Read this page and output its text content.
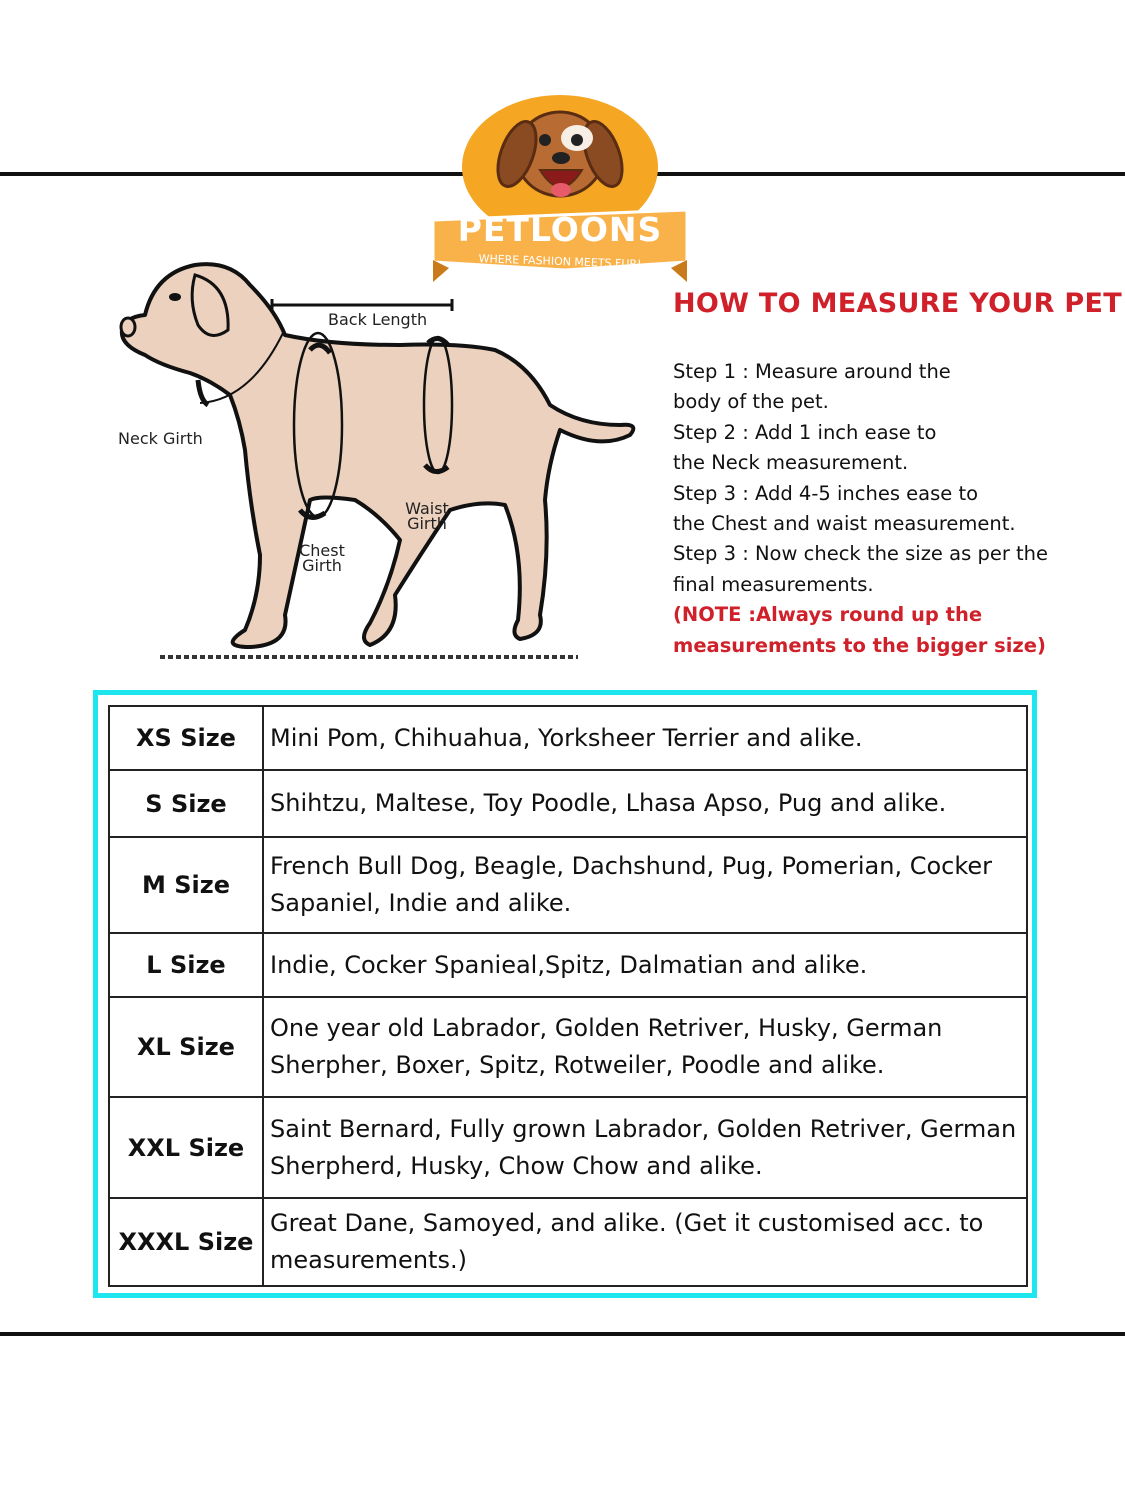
PETLOONS
WHERE FASHION MEETS FUR!
Back Length
Neck Girth
Waist
Girth
Chest
Girth
HOW TO MEASURE YOUR PET

Step 1 : Measure around the

body of the pet.

Step 2 : Add 1 inch ease to

the Neck measurement.

Step 3 : Add 4-5 inches ease to

the Chest and waist measurement.

Step 3 : Now check the size as per the

final measurements.

(NOTE :Always round up the

measurements to the bigger size)

XS Size	Mini Pom, Chihuahua, Yorksheer Terrier and alike.
S Size	Shihtzu, Maltese, Toy Poodle, Lhasa Apso, Pug and alike.
M Size	French Bull Dog, Beagle, Dachshund, Pug, Pomerian, Cocker Sapaniel, Indie and alike.
L Size	Indie, Cocker Spanieal,Spitz, Dalmatian and alike.
XL Size	One year old Labrador, Golden Retriver, Husky, German Sherpher, Boxer, Spitz, Rotweiler, Poodle and alike.
XXL Size	Saint Bernard, Fully grown Labrador, Golden Retriver, German Sherpherd, Husky, Chow Chow and alike.
XXXL Size	Great Dane, Samoyed, and alike. (Get it customised acc. to measurements.)
